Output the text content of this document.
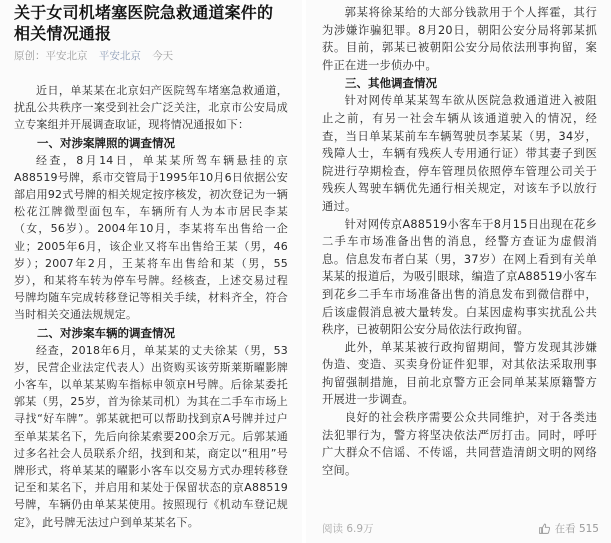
关于女司机堵塞医院急救通道案件的相关情况通报
原创：平安北京 平安北京 今天

近日，单某某在北京妇产医院驾车堵塞急救通道，扰乱公共秩序一案受到社会广泛关注，北京市公安局成立专案组并开展调查取证，现将情况通报如下：

一、对涉案牌照的调查情况

经查，8月14日，单某某所驾车辆悬挂的京A88519号牌，系市交管局于1995年10月6日依据公安部启用92式号牌的相关规定按序核发，初次登记为一辆松花江牌微型面包车，车辆所有人为本市居民李某（女，56岁）。2004年10月，李某将车出售给一企业；2005年6月，该企业又将车出售给王某（男，46岁）；2007年2月，王某将车出售给和某（男，55岁），和某将车转为停车号牌。经核查，上述交易过程号牌均随车完成转移登记等相关手续，材料齐全，符合当时相关交通法规规定。

二、对涉案车辆的调查情况

经查，2018年6月，单某某的丈夫徐某（男，53岁，民营企业法定代表人）出资购买该劳斯莱斯曜影牌小客车，以单某某购车指标申领京H号牌。后徐某委托郭某（男，25岁，首为徐某司机）为其在二手车市场上寻找“好车牌”。郭某就把可以帮助找到京A号牌并过户至单某某名下，先后向徐某索要200余万元。后郭某通过多名社会人员联系介绍，找到和某，商定以“租用”号牌形式，将单某某的曜影小客车以交易方式办理转移登记至和某名下，并启用和某处于保留状态的京A88519号牌，车辆仍由单某某使用。按照现行《机动车登记规定》，此号牌无法过户到单某某名下。

郭某将徐某给的大部分钱款用于个人挥霍，其行为涉嫌诈骗犯罪。8月20日，朝阳公安分局将郭某抓获。目前，郭某已被朝阳公安分局依法刑事拘留，案件正在进一步侦办中。

三、其他调查情况

针对网传单某某驾车欲从医院急救通道进入被阻止之前，有另一社会车辆从该通道驶入的情况，经查，当日单某某前车车辆驾驶员李某某（男，34岁，残障人士，车辆有残疾人专用通行证）带其妻子到医院进行孕期检查，停车管理员依照停车管理公司关于残疾人驾驶车辆优先通行相关规定，对该车予以放行通过。

针对网传京A88519小客车于8月15日出现在花乡二手车市场准备出售的消息，经警方查证为虚假消息。信息发布者白某（男，37岁）在网上看到有关单某某的报道后，为吸引眼球，编造了京A88519小客车到花乡二手车市场准备出售的消息发布到微信群中，后该虚假消息被大量转发。白某因虚构事实扰乱公共秩序，已被朝阳公安分局依法行政拘留。

此外，单某某被行政拘留期间，警方发现其涉嫌伪造、变造、买卖身份证件犯罪，对其依法采取刑事拘留强制措施，目前北京警方正会同单某某原籍警方开展进一步调查。

良好的社会秩序需要公众共同维护，对于各类违法犯罪行为，警方将坚决依法严厉打击。同时，呼吁广大群众不信谣、不传谣，共同营造清朗文明的网络空间。

阅读 6.9万	在看 515
